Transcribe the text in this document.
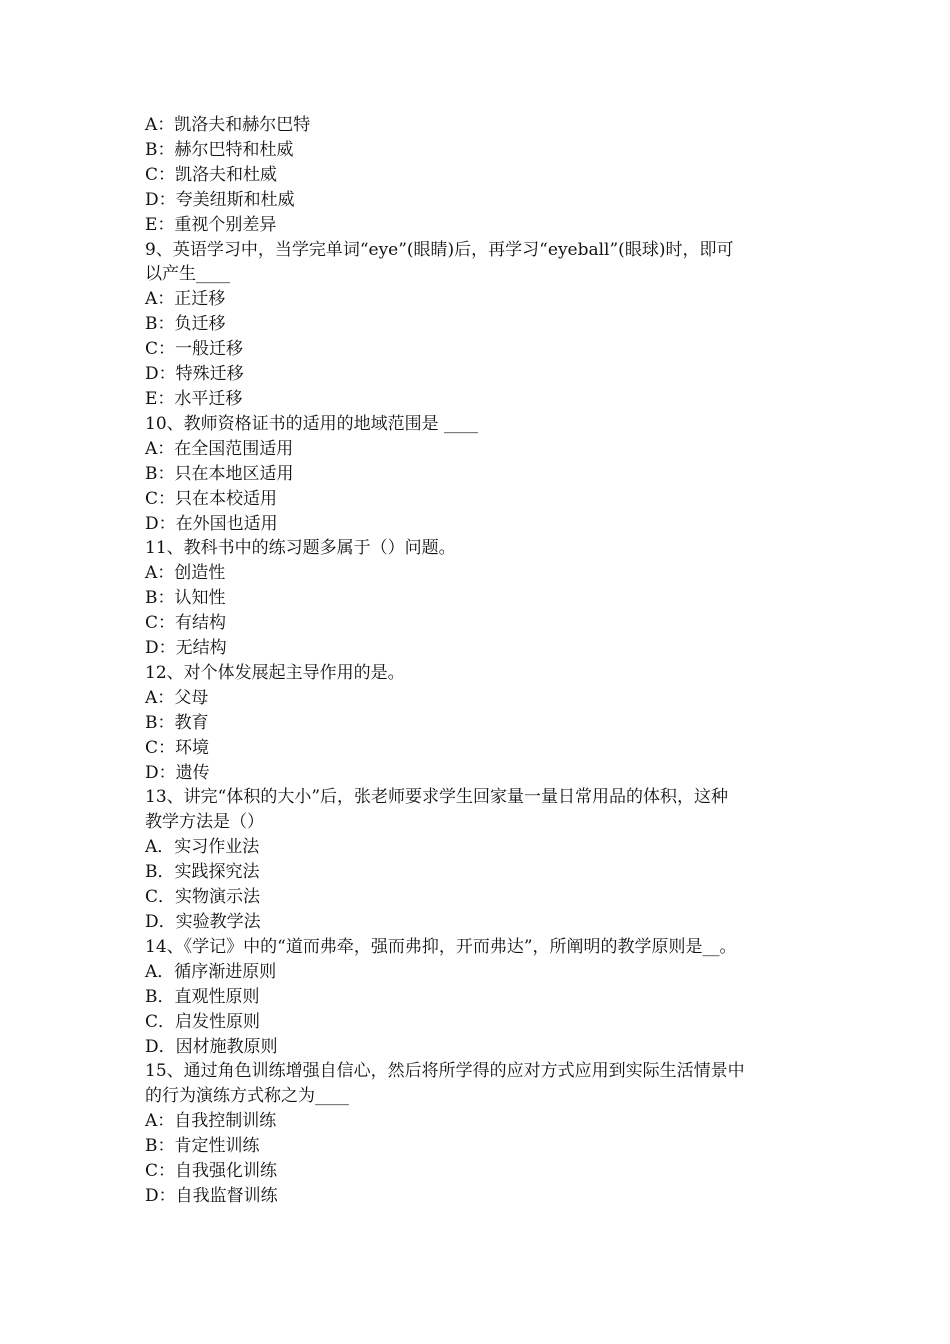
A：凯洛夫和赫尔巴特
B：赫尔巴特和杜威
C：凯洛夫和杜威
D：夸美纽斯和杜威
E：重视个别差异
9、英语学习中，当学完单词“eye”(眼睛)后，再学习“eyeball”(眼球)时，即可
以产生____
A：正迁移
B：负迁移
C：一般迁移
D：特殊迁移
E：水平迁移
10、教师资格证书的适用的地域范围是 ____
A：在全国范围适用
B：只在本地区适用
C：只在本校适用
D：在外国也适用
11、教科书中的练习题多属于（）问题。
A：创造性
B：认知性
C：有结构
D：无结构
12、对个体发展起主导作用的是。
A：父母
B：教育
C：环境
D：遗传
13、讲完“体积的大小”后，张老师要求学生回家量一量日常用品的体积，这种
教学方法是（）
A．实习作业法
B．实践探究法
C．实物演示法
D．实验教学法
14、《学记》中的“道而弗牵，强而弗抑，开而弗达”，所阐明的教学原则是__。
A．循序渐进原则
B．直观性原则
C．启发性原则
D．因材施教原则
15、通过角色训练增强自信心，然后将所学得的应对方式应用到实际生活情景中
的行为演练方式称之为____
A：自我控制训练
B：肯定性训练
C：自我强化训练
D：自我监督训练
